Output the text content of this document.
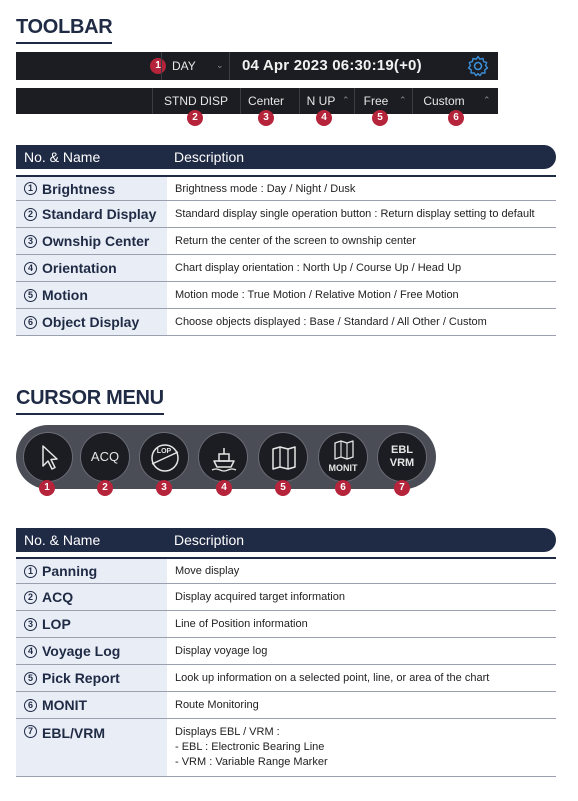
TOOLBAR
1 DAY ⌄ 04 Apr 2023 06:30:19(+0)
STND DISP	Center	N UP ⌃ Free ⌃	Custom	⌃
2	3	4	5	6
No. & Name	Description
1 Brightness	Brightness mode : Day / Night / Dusk
2 Standard Display	Standard display single operation button : Return display setting to default
3 Ownship Center	Return the center of the screen to ownship center
4 Orientation	Chart display orientation : North Up / Course Up / Head Up
5 Motion	Motion mode : True Motion / Relative Motion / Free Motion
6 Object Display	Choose objects displayed : Base / Standard / All Other / Custom
CURSOR MENU
ACQ	LOP
MONIT
EBL
VRM
1	2	3	4	5	6	7
No. & Name	Description
1 Panning	Move display
2 ACQ	Display acquired target information
3 LOP	Line of Position information
4 Voyage Log	Display voyage log
5 Pick Report	Look up information on a selected point, line, or area of the chart
6 MONIT	Route Monitoring
7 EBL/VRM	Displays EBL / VRM :
- EBL : Electronic Bearing Line
- VRM : Variable Range Marker
